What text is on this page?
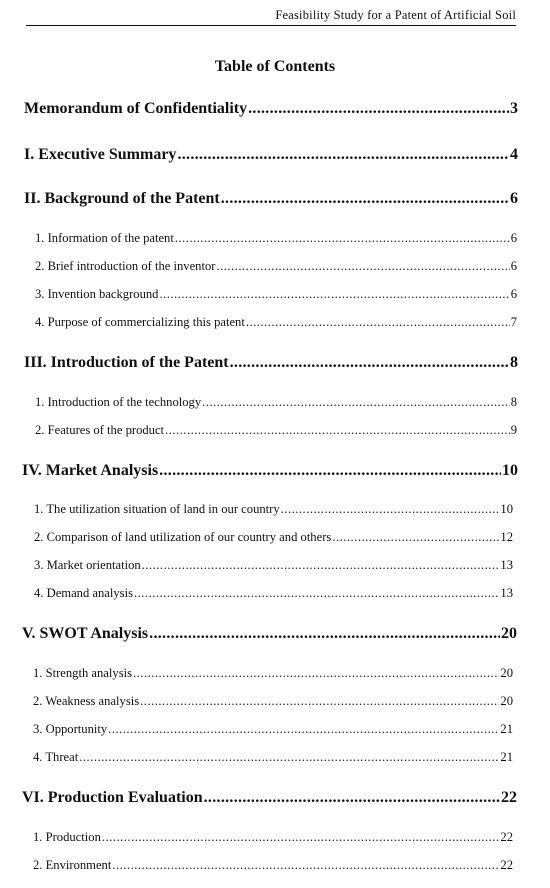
Feasibility Study for a Patent of Artificial Soil
Table of Contents
Memorandum of Confidentiality .....	3
I. Executive Summary .....	4
II. Background of the Patent .....	6
1. Information of the patent .....	6
2. Brief introduction of the inventor .....	6
3. Invention background .....	6
4. Purpose of commercializing this patent .....	7
III. Introduction of the Patent .....	8
1. Introduction of the technology .....	8
2. Features of the product .....	9
IV. Market Analysis .....	10
1. The utilization situation of land in our country .....	10
2. Comparison of land utilization of our country and others .....	12
3. Market orientation .....	13
4. Demand analysis .....	13
V. SWOT Analysis .....	20
1. Strength analysis .....	20
2. Weakness analysis .....	20
3. Opportunity .....	21
4. Threat .....	21
VI. Production Evaluation .....	22
1. Production .....	22
2. Environment .....	22
